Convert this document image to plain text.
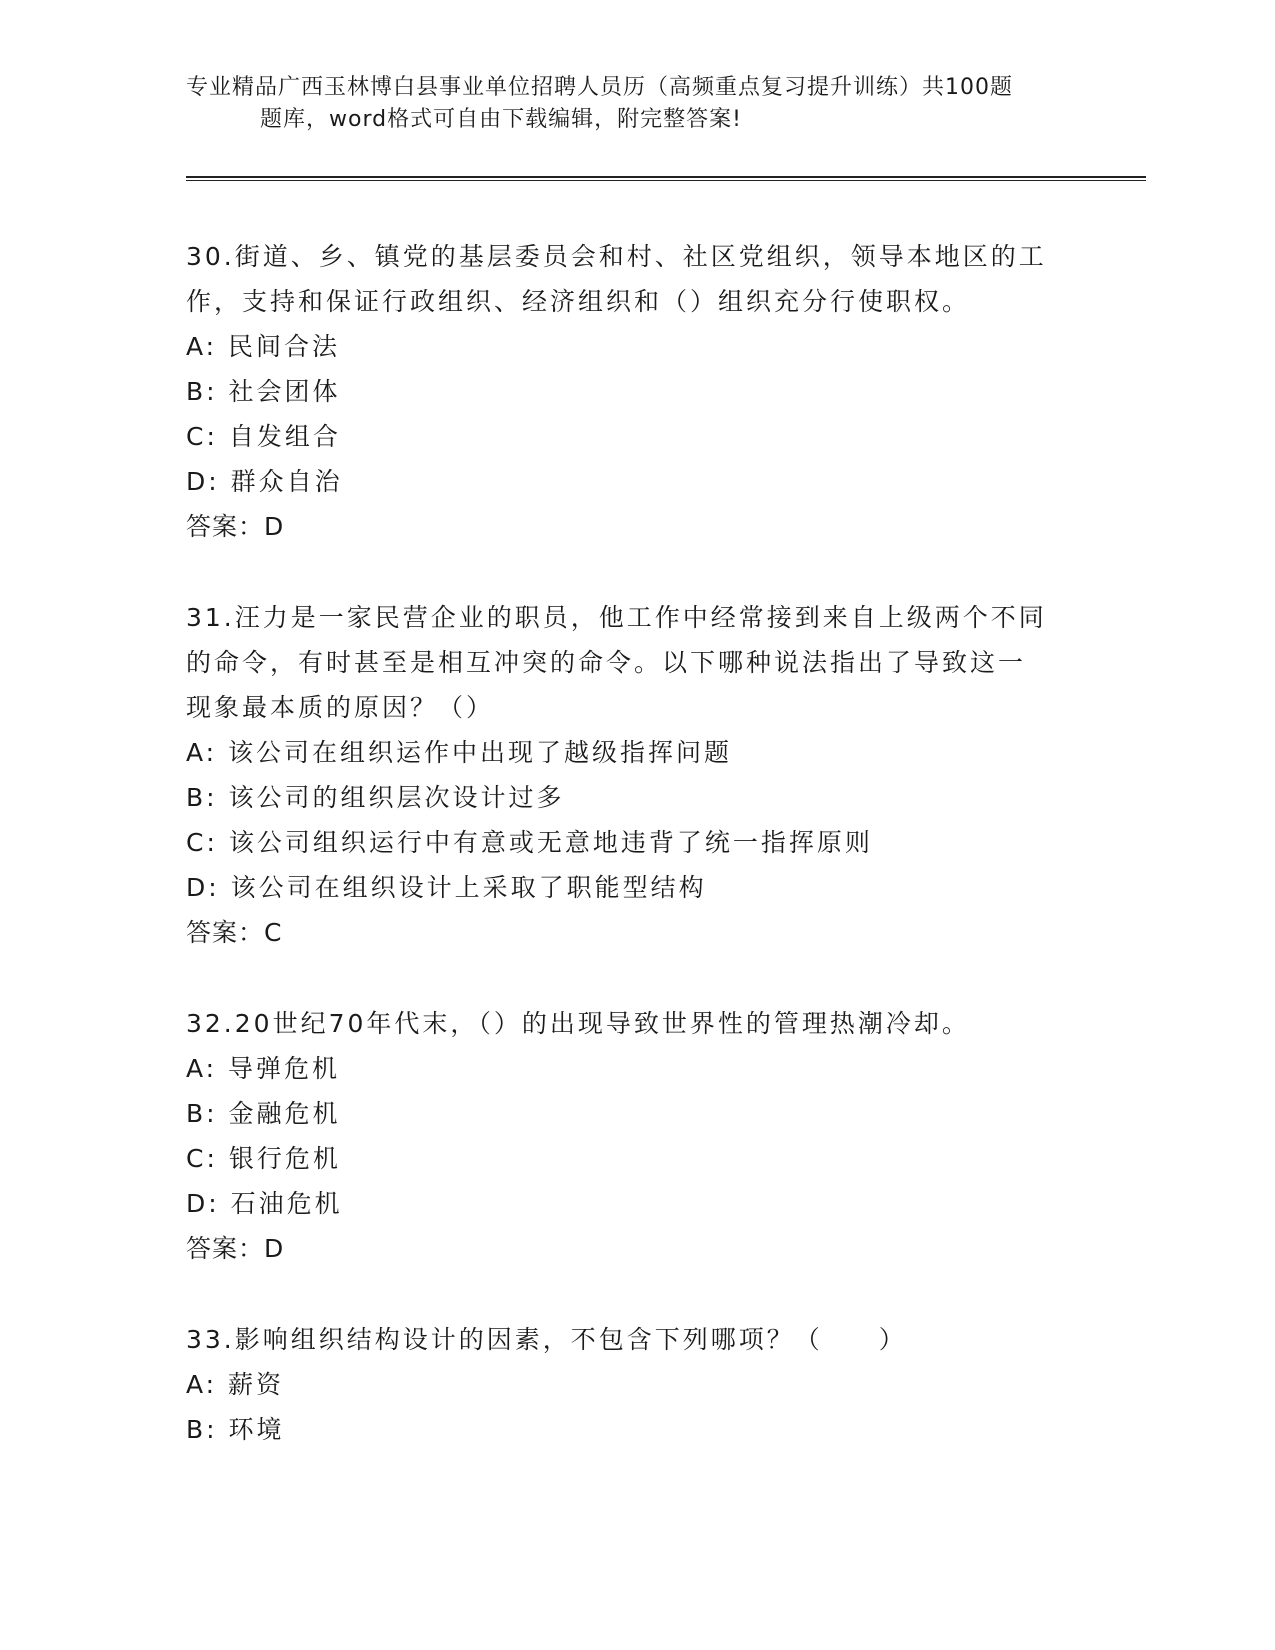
专业精品广西玉林博白县事业单位招聘人员历（高频重点复习提升训练）共100题
题库，word格式可自由下载编辑，附完整答案!

30.街道、乡、镇党的基层委员会和村、社区党组织，领导本地区的工

作，支持和保证行政组织、经济组织和（）组织充分行使职权。

A: 民间合法

B: 社会团体

C: 自发组合

D: 群众自治

答案：D

31.汪力是一家民营企业的职员，他工作中经常接到来自上级两个不同

的命令，有时甚至是相互冲突的命令。以下哪种说法指出了导致这一

现象最本质的原因？（）

A: 该公司在组织运作中出现了越级指挥问题

B: 该公司的组织层次设计过多

C: 该公司组织运行中有意或无意地违背了统一指挥原则

D: 该公司在组织设计上采取了职能型结构

答案：C

32.20世纪70年代末，（）的出现导致世界性的管理热潮冷却。

A: 导弹危机

B: 金融危机

C: 银行危机

D: 石油危机

答案：D

33.影响组织结构设计的因素，不包含下列哪项？（　　）

A: 薪资

B: 环境
